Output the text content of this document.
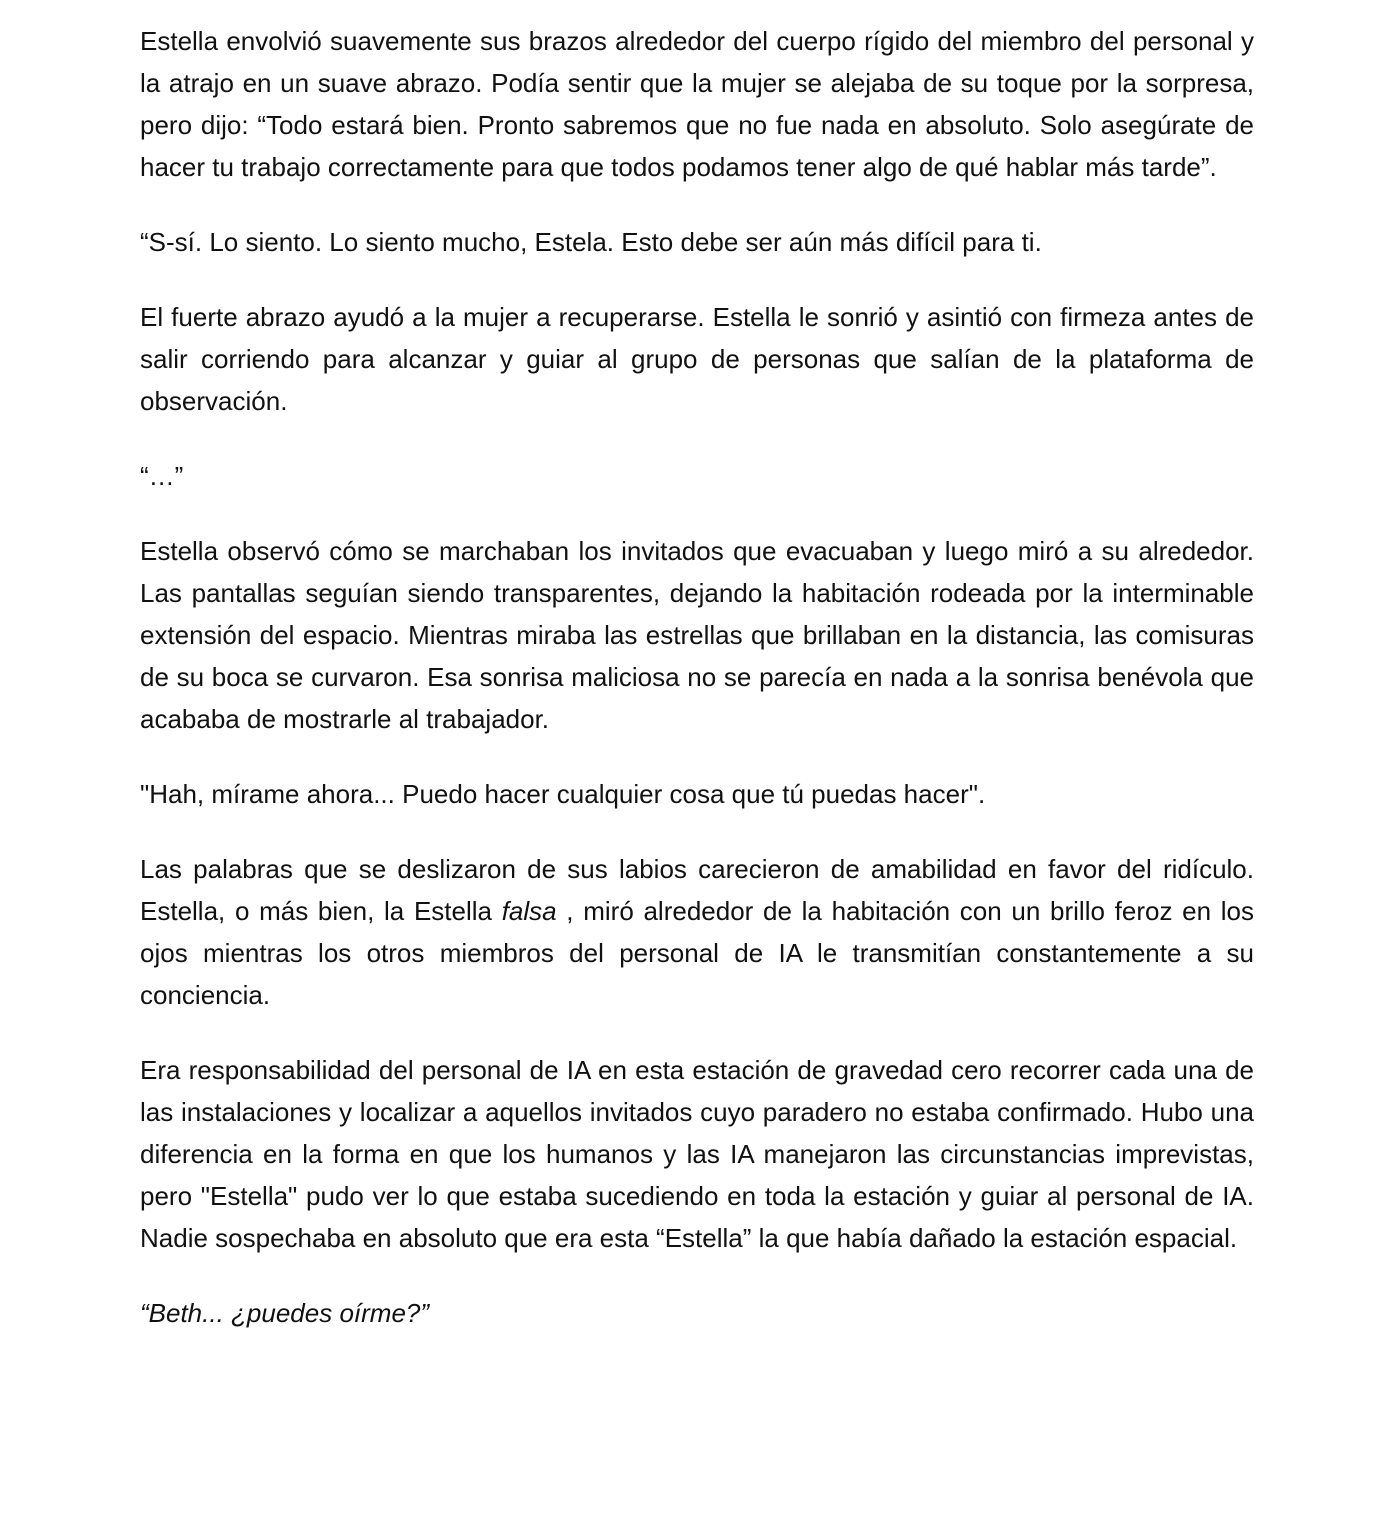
Estella envolvió suavemente sus brazos alrededor del cuerpo rígido del miembro del personal y la atrajo en un suave abrazo. Podía sentir que la mujer se alejaba de su toque por la sorpresa, pero dijo: “Todo estará bien. Pronto sabremos que no fue nada en absoluto. Solo asegúrate de hacer tu trabajo correctamente para que todos podamos tener algo de qué hablar más tarde”.

“S-sí. Lo siento. Lo siento mucho, Estela. Esto debe ser aún más difícil para ti.

El fuerte abrazo ayudó a la mujer a recuperarse. Estella le sonrió y asintió con firmeza antes de salir corriendo para alcanzar y guiar al grupo de personas que salían de la plataforma de observación.

“…”

Estella observó cómo se marchaban los invitados que evacuaban y luego miró a su alrededor. Las pantallas seguían siendo transparentes, dejando la habitación rodeada por la interminable extensión del espacio. Mientras miraba las estrellas que brillaban en la distancia, las comisuras de su boca se curvaron. Esa sonrisa maliciosa no se parecía en nada a la sonrisa benévola que acababa de mostrarle al trabajador.

"Hah, mírame ahora... Puedo hacer cualquier cosa que tú puedas hacer".

Las palabras que se deslizaron de sus labios carecieron de amabilidad en favor del ridículo. Estella, o más bien, la Estella falsa , miró alrededor de la habitación con un brillo feroz en los ojos mientras los otros miembros del personal de IA le transmitían constantemente a su conciencia.

Era responsabilidad del personal de IA en esta estación de gravedad cero recorrer cada una de las instalaciones y localizar a aquellos invitados cuyo paradero no estaba confirmado. Hubo una diferencia en la forma en que los humanos y las IA manejaron las circunstancias imprevistas, pero "Estella" pudo ver lo que estaba sucediendo en toda la estación y guiar al personal de IA. Nadie sospechaba en absoluto que era esta “Estella” la que había dañado la estación espacial.

“Beth... ¿puedes oírme?”
